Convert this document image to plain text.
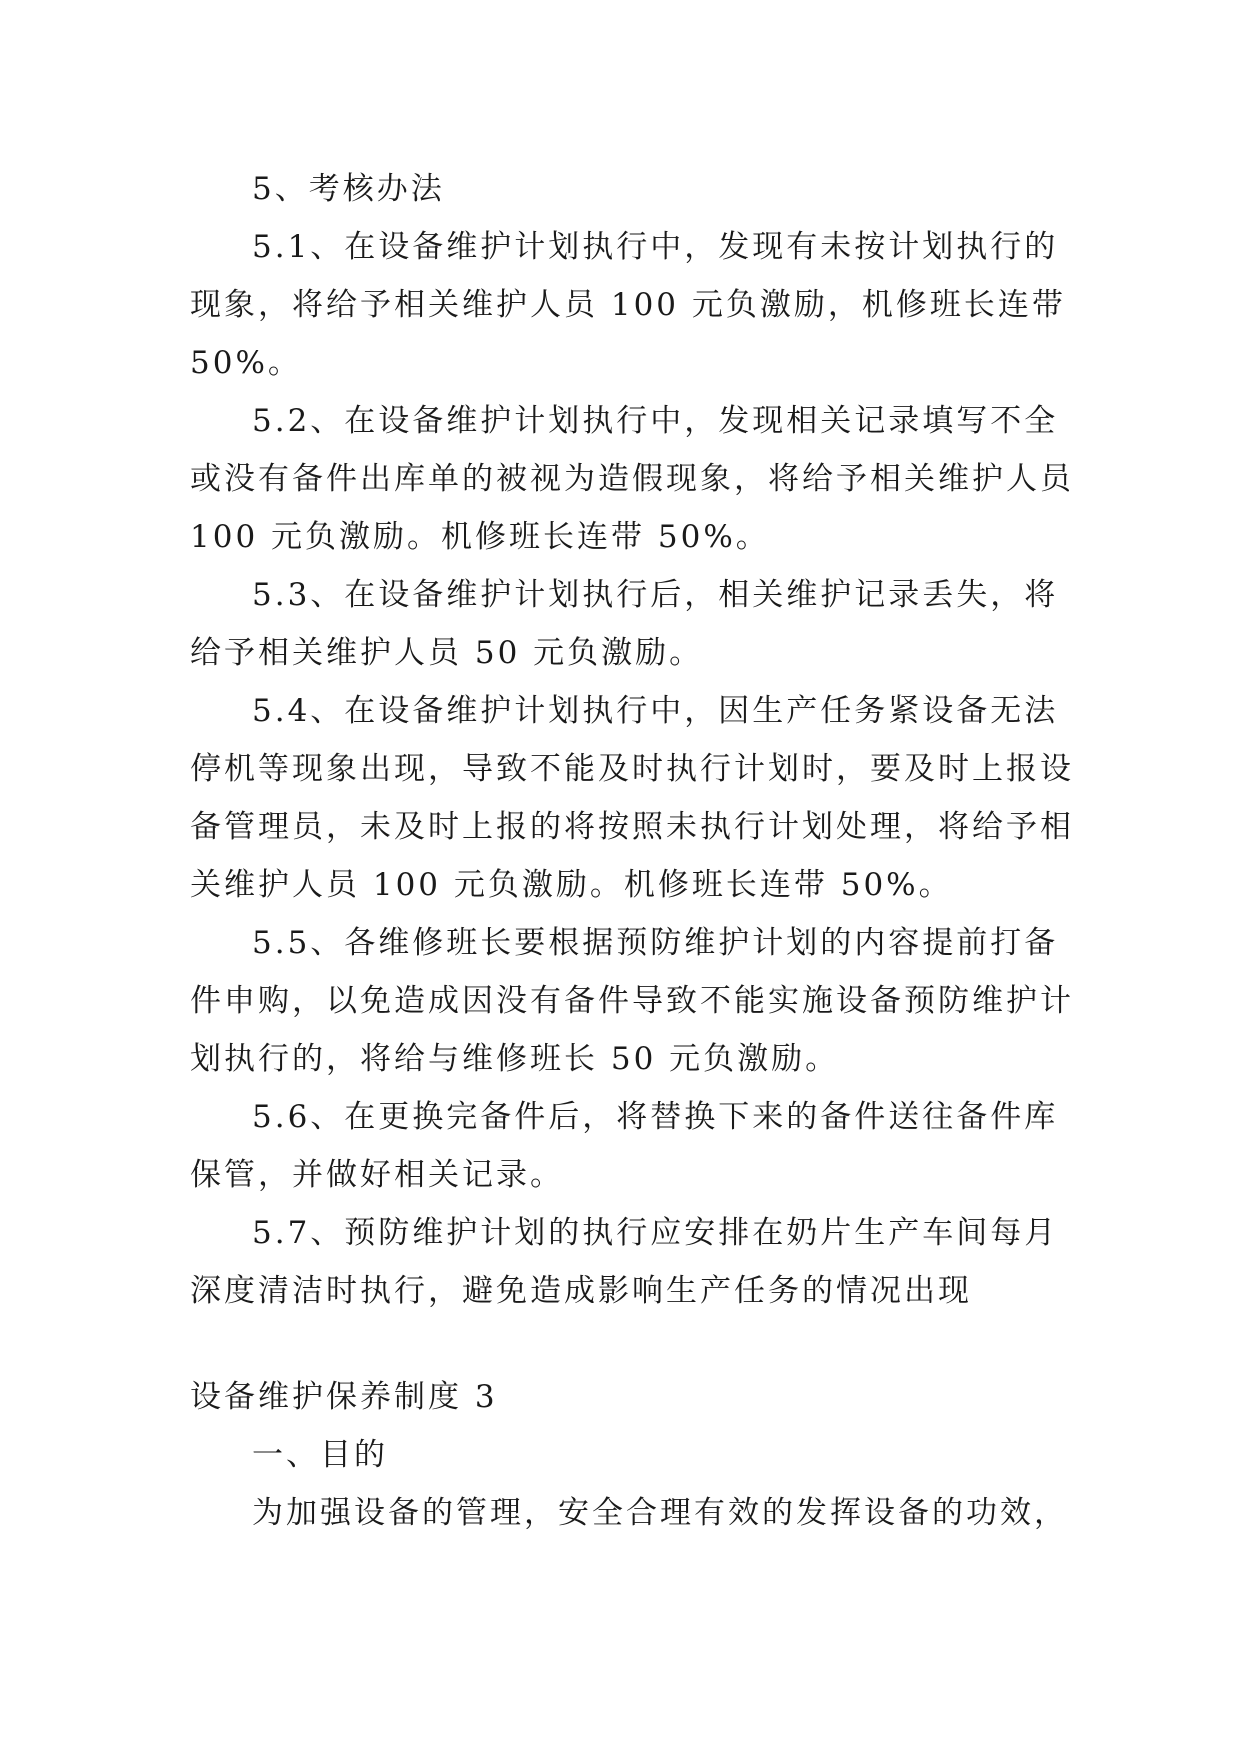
5、考核办法

5.1、在设备维护计划执行中，发现有未按计划执行的

现象，将给予相关维护人员 100 元负激励，机修班长连带

50%。

5.2、在设备维护计划执行中，发现相关记录填写不全

或没有备件出库单的被视为造假现象，将给予相关维护人员

100 元负激励。机修班长连带 50%。

5.3、在设备维护计划执行后，相关维护记录丢失，将

给予相关维护人员 50 元负激励。

5.4、在设备维护计划执行中，因生产任务紧设备无法

停机等现象出现，导致不能及时执行计划时，要及时上报设

备管理员，未及时上报的将按照未执行计划处理，将给予相

关维护人员 100 元负激励。机修班长连带 50%。

5.5、各维修班长要根据预防维护计划的内容提前打备

件申购，以免造成因没有备件导致不能实施设备预防维护计

划执行的，将给与维修班长 50 元负激励。

5.6、在更换完备件后，将替换下来的备件送往备件库

保管，并做好相关记录。

5.7、预防维护计划的执行应安排在奶片生产车间每月

深度清洁时执行，避免造成影响生产任务的情况出现

设备维护保养制度 3

一、目的

为加强设备的管理，安全合理有效的发挥设备的功效，
